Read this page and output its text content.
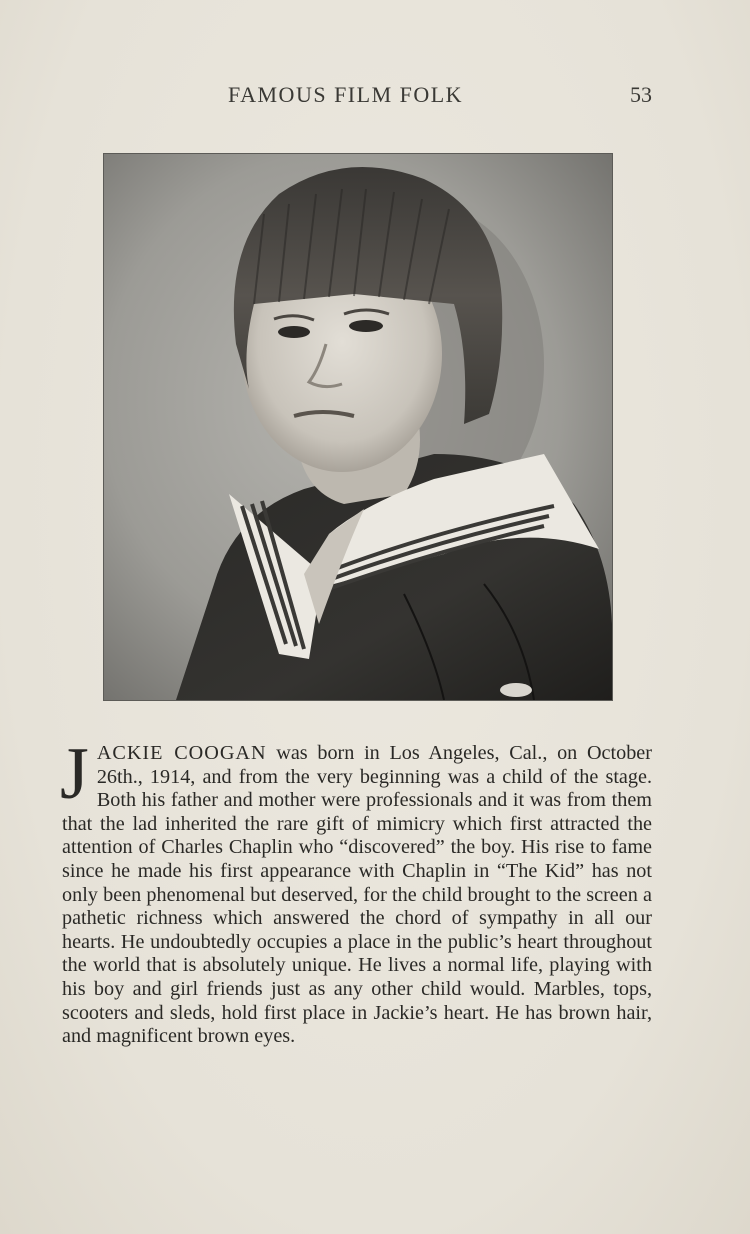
FAMOUS FILM FOLK	53
JACKIE COOGAN was born in Los Angeles, Cal., on October 26th., 1914, and from the very beginning was a child of the stage. Both his father and mother were professionals and it was from them that the lad inherited the rare gift of mimicry which first attracted the attention of Charles Chaplin who “discovered” the boy. His rise to fame since he made his first appearance with Chaplin in “The Kid” has not only been phenomenal but deserved, for the child brought to the screen a pathetic richness which answered the chord of sympathy in all our hearts. He undoubtedly occupies a place in the public’s heart throughout the world that is absolutely unique. He lives a normal life, playing with his boy and girl friends just as any other child would. Marbles, tops, scooters and sleds, hold first place in Jackie’s heart. He has brown hair, and magnificent brown eyes.
